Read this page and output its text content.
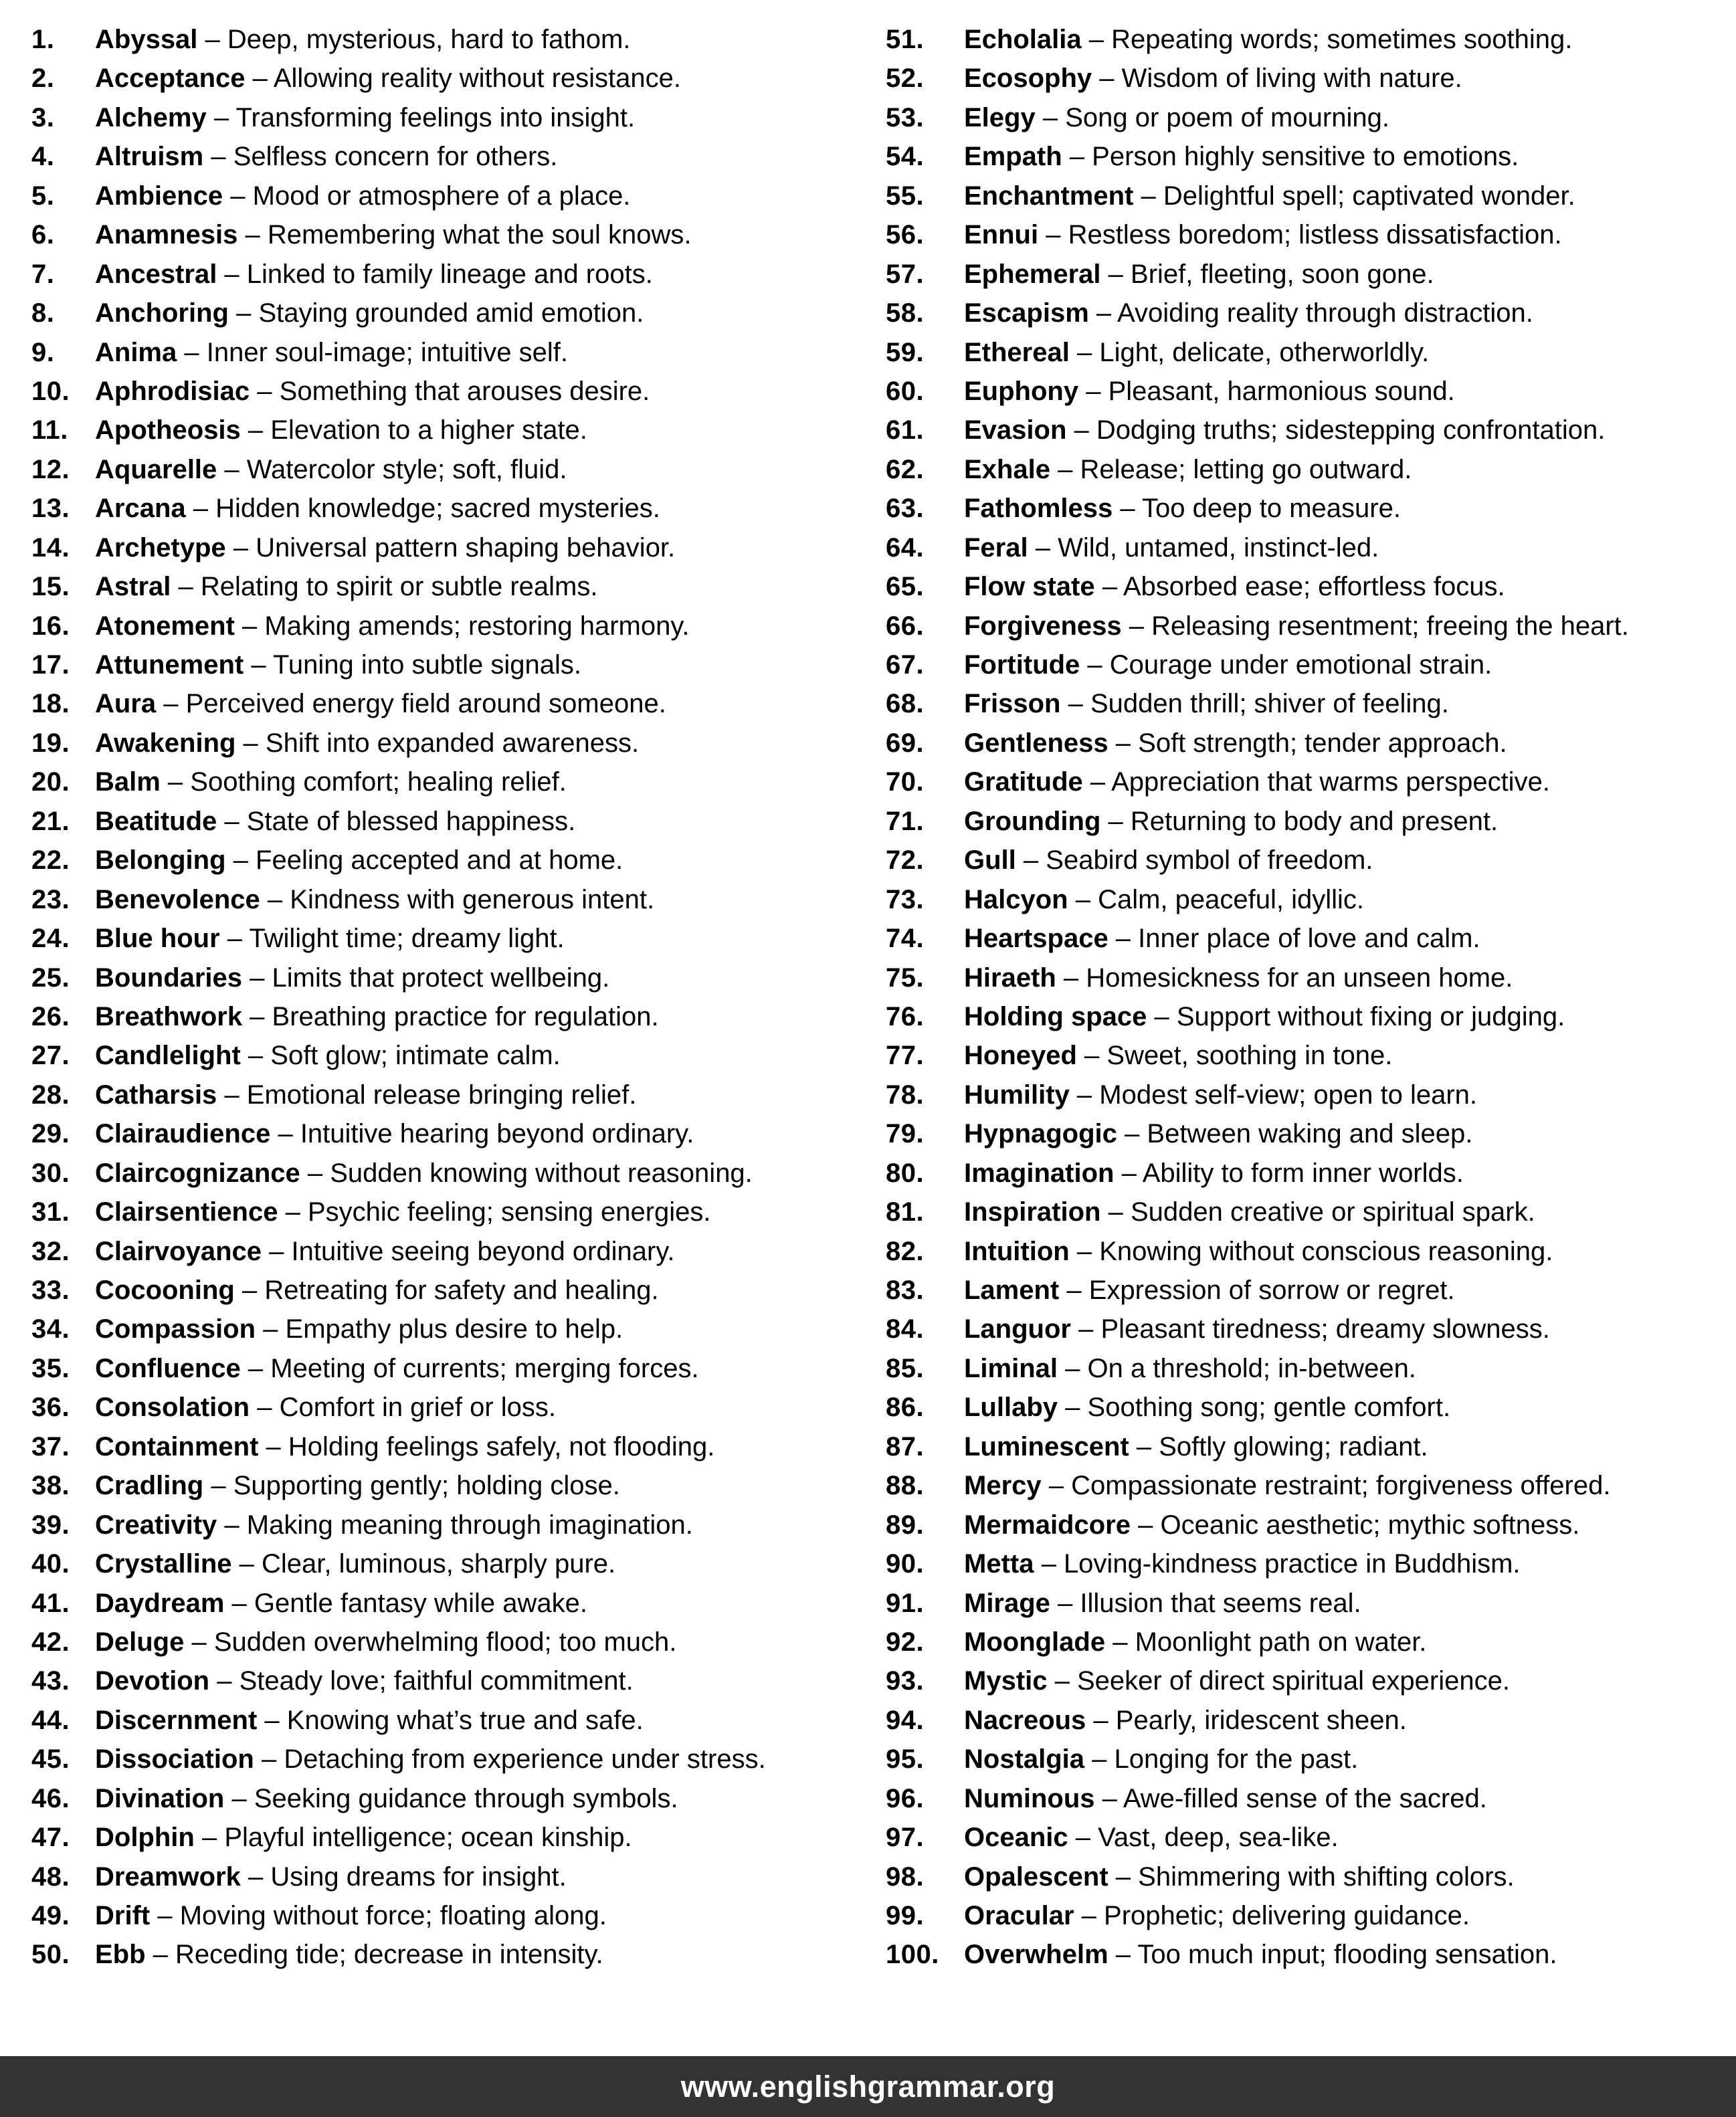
1. Abyssal – Deep, mysterious, hard to fathom.
2. Acceptance – Allowing reality without resistance.
3. Alchemy – Transforming feelings into insight.
4. Altruism – Selfless concern for others.
5. Ambience – Mood or atmosphere of a place.
6. Anamnesis – Remembering what the soul knows.
7. Ancestral – Linked to family lineage and roots.
8. Anchoring – Staying grounded amid emotion.
9. Anima – Inner soul-image; intuitive self.
10. Aphrodisiac – Something that arouses desire.
11. Apotheosis – Elevation to a higher state.
12. Aquarelle – Watercolor style; soft, fluid.
13. Arcana – Hidden knowledge; sacred mysteries.
14. Archetype – Universal pattern shaping behavior.
15. Astral – Relating to spirit or subtle realms.
16. Atonement – Making amends; restoring harmony.
17. Attunement – Tuning into subtle signals.
18. Aura – Perceived energy field around someone.
19. Awakening – Shift into expanded awareness.
20. Balm – Soothing comfort; healing relief.
21. Beatitude – State of blessed happiness.
22. Belonging – Feeling accepted and at home.
23. Benevolence – Kindness with generous intent.
24. Blue hour – Twilight time; dreamy light.
25. Boundaries – Limits that protect wellbeing.
26. Breathwork – Breathing practice for regulation.
27. Candlelight – Soft glow; intimate calm.
28. Catharsis – Emotional release bringing relief.
29. Clairaudience – Intuitive hearing beyond ordinary.
30. Claircognizance – Sudden knowing without reasoning.
31. Clairsentience – Psychic feeling; sensing energies.
32. Clairvoyance – Intuitive seeing beyond ordinary.
33. Cocooning – Retreating for safety and healing.
34. Compassion – Empathy plus desire to help.
35. Confluence – Meeting of currents; merging forces.
36. Consolation – Comfort in grief or loss.
37. Containment – Holding feelings safely, not flooding.
38. Cradling – Supporting gently; holding close.
39. Creativity – Making meaning through imagination.
40. Crystalline – Clear, luminous, sharply pure.
41. Daydream – Gentle fantasy while awake.
42. Deluge – Sudden overwhelming flood; too much.
43. Devotion – Steady love; faithful commitment.
44. Discernment – Knowing what’s true and safe.
45. Dissociation – Detaching from experience under stress.
46. Divination – Seeking guidance through symbols.
47. Dolphin – Playful intelligence; ocean kinship.
48. Dreamwork – Using dreams for insight.
49. Drift – Moving without force; floating along.
50. Ebb – Receding tide; decrease in intensity.
51. Echolalia – Repeating words; sometimes soothing.
52. Ecosophy – Wisdom of living with nature.
53. Elegy – Song or poem of mourning.
54. Empath – Person highly sensitive to emotions.
55. Enchantment – Delightful spell; captivated wonder.
56. Ennui – Restless boredom; listless dissatisfaction.
57. Ephemeral – Brief, fleeting, soon gone.
58. Escapism – Avoiding reality through distraction.
59. Ethereal – Light, delicate, otherworldly.
60. Euphony – Pleasant, harmonious sound.
61. Evasion – Dodging truths; sidestepping confrontation.
62. Exhale – Release; letting go outward.
63. Fathomless – Too deep to measure.
64. Feral – Wild, untamed, instinct-led.
65. Flow state – Absorbed ease; effortless focus.
66. Forgiveness – Releasing resentment; freeing the heart.
67. Fortitude – Courage under emotional strain.
68. Frisson – Sudden thrill; shiver of feeling.
69. Gentleness – Soft strength; tender approach.
70. Gratitude – Appreciation that warms perspective.
71. Grounding – Returning to body and present.
72. Gull – Seabird symbol of freedom.
73. Halcyon – Calm, peaceful, idyllic.
74. Heartspace – Inner place of love and calm.
75. Hiraeth – Homesickness for an unseen home.
76. Holding space – Support without fixing or judging.
77. Honeyed – Sweet, soothing in tone.
78. Humility – Modest self-view; open to learn.
79. Hypnagogic – Between waking and sleep.
80. Imagination – Ability to form inner worlds.
81. Inspiration – Sudden creative or spiritual spark.
82. Intuition – Knowing without conscious reasoning.
83. Lament – Expression of sorrow or regret.
84. Languor – Pleasant tiredness; dreamy slowness.
85. Liminal – On a threshold; in-between.
86. Lullaby – Soothing song; gentle comfort.
87. Luminescent – Softly glowing; radiant.
88. Mercy – Compassionate restraint; forgiveness offered.
89. Mermaidcore – Oceanic aesthetic; mythic softness.
90. Metta – Loving-kindness practice in Buddhism.
91. Mirage – Illusion that seems real.
92. Moonglade – Moonlight path on water.
93. Mystic – Seeker of direct spiritual experience.
94. Nacreous – Pearly, iridescent sheen.
95. Nostalgia – Longing for the past.
96. Numinous – Awe-filled sense of the sacred.
97. Oceanic – Vast, deep, sea-like.
98. Opalescent – Shimmering with shifting colors.
99. Oracular – Prophetic; delivering guidance.
100. Overwhelm – Too much input; flooding sensation.
www.englishgrammar.org
